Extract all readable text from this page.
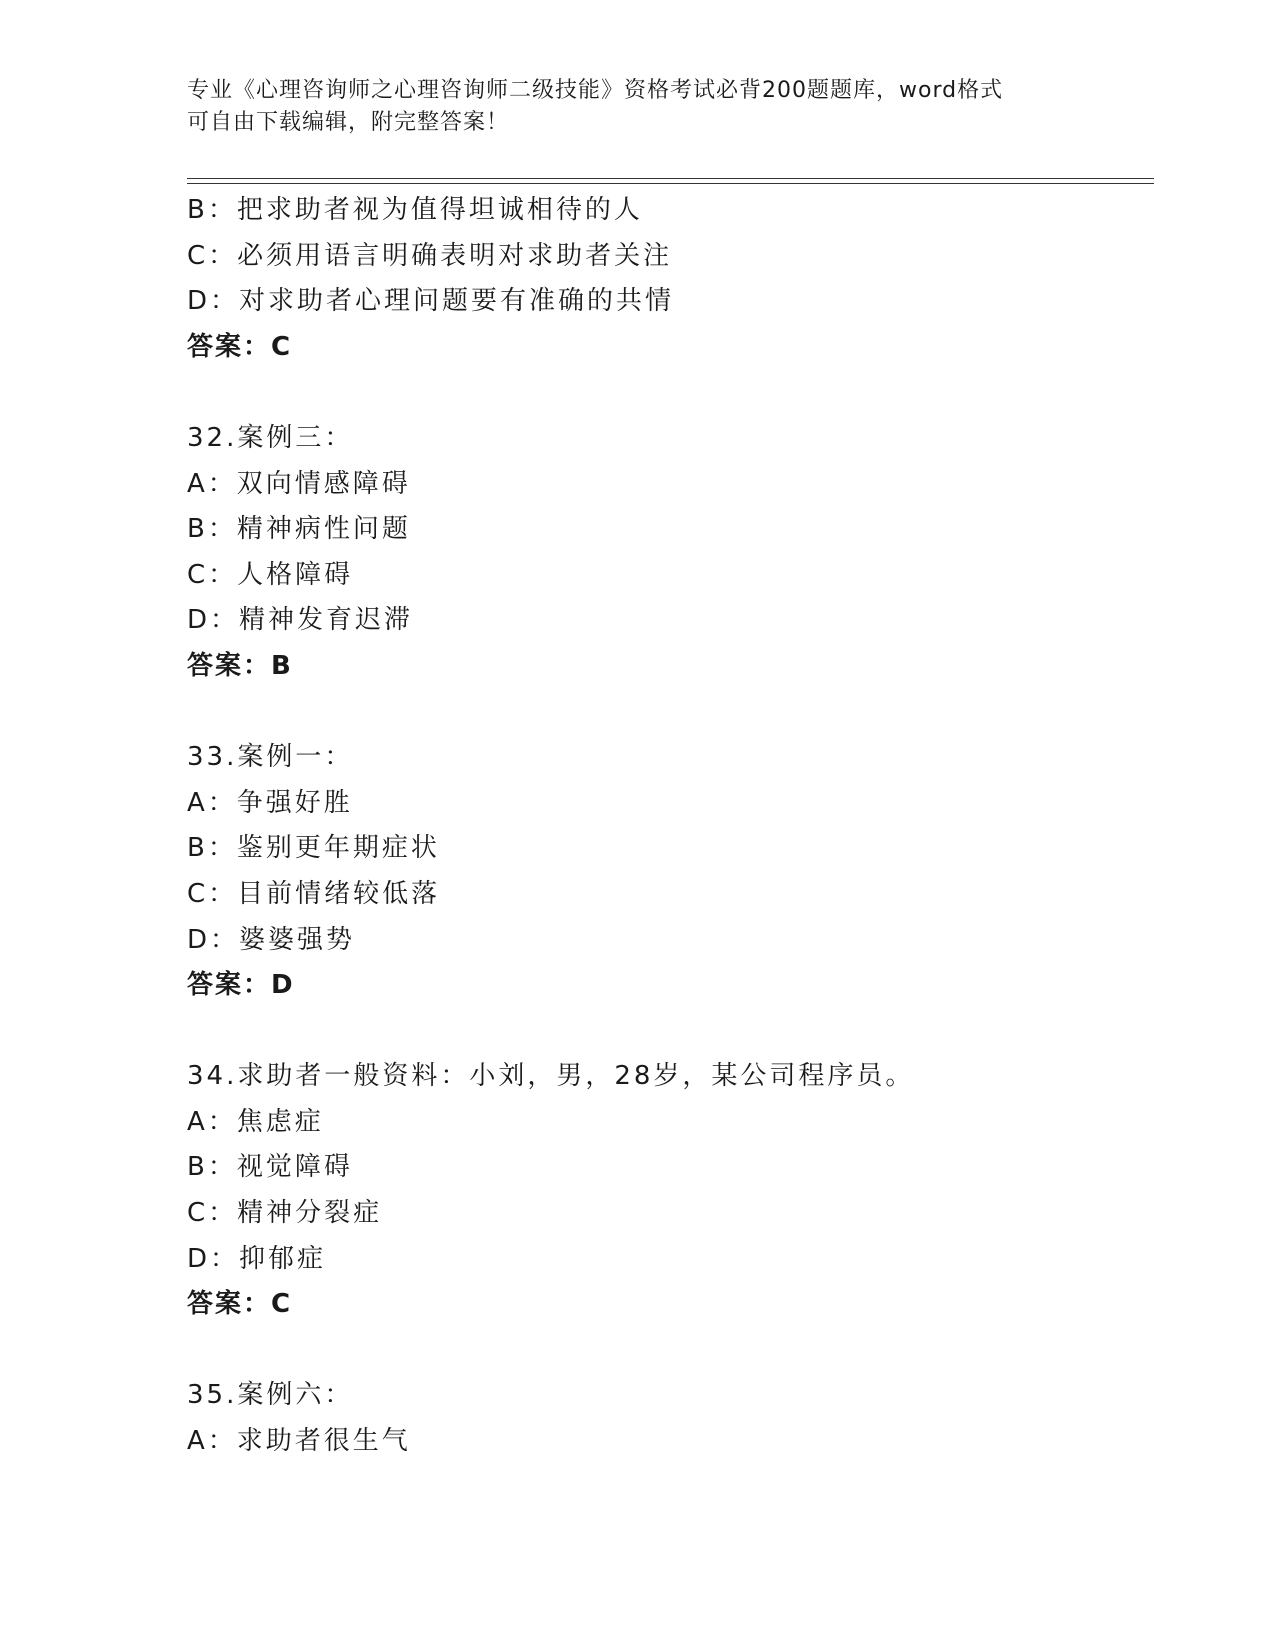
专业《心理咨询师之心理咨询师二级技能》资格考试必背200题题库，word格式
可自由下载编辑，附完整答案！
B：把求助者视为值得坦诚相待的人
C：必须用语言明确表明对求助者关注
D：对求助者心理问题要有准确的共情
答案：C
32.案例三：
A：双向情感障碍
B：精神病性问题
C：人格障碍
D：精神发育迟滞
答案：B
33.案例一：
A：争强好胜
B：鉴别更年期症状
C：目前情绪较低落
D：婆婆强势
答案：D
34.求助者一般资料：小刘，男，28岁，某公司程序员。
A：焦虑症
B：视觉障碍
C：精神分裂症
D：抑郁症
答案：C
35.案例六：
A：求助者很生气
